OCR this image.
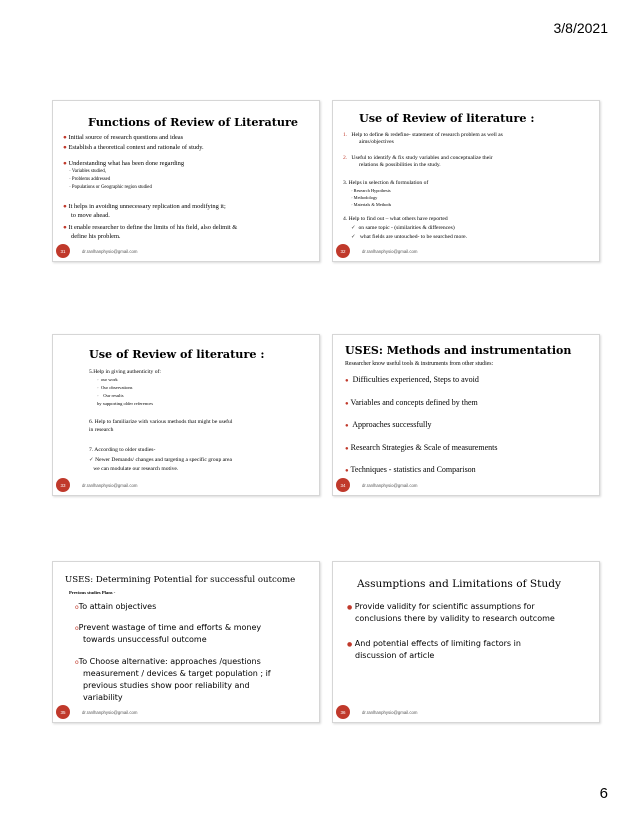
3/8/2021
Functions of Review of Literature
● Initial source of research questions and ideas
● Establish a theoretical context and rationale of study.
● Understanding what has been done regarding
◦ Variables studied,
◦ Problems addressed
◦ Populations or Geographic region studied
● It helps in avoiding unnecessary replication and modifying it;
to move ahead.
● It enable researcher to define the limits of his field, also delimit &
define his problem.
31	dr.ranlhanphysio@gmail.com
Use of Review of literature :
1. Help to define & redefine- statement of research problem as well as
aims/objectives
2. Useful to identify & fix study variables and conceptualize their
relations & possibilities in the study.
3. Helps in selection & formulation of
◦ Research Hypothesis
◦ Methodology
◦ Materials & Methods
4. Help to find out – what others have reported
✓ on same topic - (similarities & differences)
✓ what fields are untouched- to be searched more.
32	dr.ranlhanphysio@gmail.com
Use of Review of literature :
5.Help in giving authenticity of:
◦ our work
◦ Our observations
◦ Our results
by supporting older references
6. Help to familiarize with various methods that might be useful
in research
7. According to older studies-
✓ Newer Demands/ changes and targeting a specific group area
we can modulate our research motive.
33	dr.ranlhanphysio@gmail.com
USES: Methods and instrumentation
Researcher know useful tools & instruments from other studies:
● Difficulties experienced, Steps to avoid
● Variables and concepts defined by them
● Approaches successfully
● Research Strategies & Scale of measurements
● Techniques - statistics and Comparison
34	dr.ranlhanphysio@gmail.com
USES: Determining Potential for successful outcome
Previous studies Plans -
oTo attain objectives
oPrevent wastage of time and efforts & money
towards unsuccessful outcome
oTo Choose alternative: approaches /questions
measurement / devices & target population ; if
previous studies show poor reliability and
variability
35	dr.ranlhanphysio@gmail.com
Assumptions and Limitations of Study
● Provide validity for scientific assumptions for
conclusions there by validity to research outcome
● And potential effects of limiting factors in
discussion of article
36	dr.ranlhanphysio@gmail.com
6
